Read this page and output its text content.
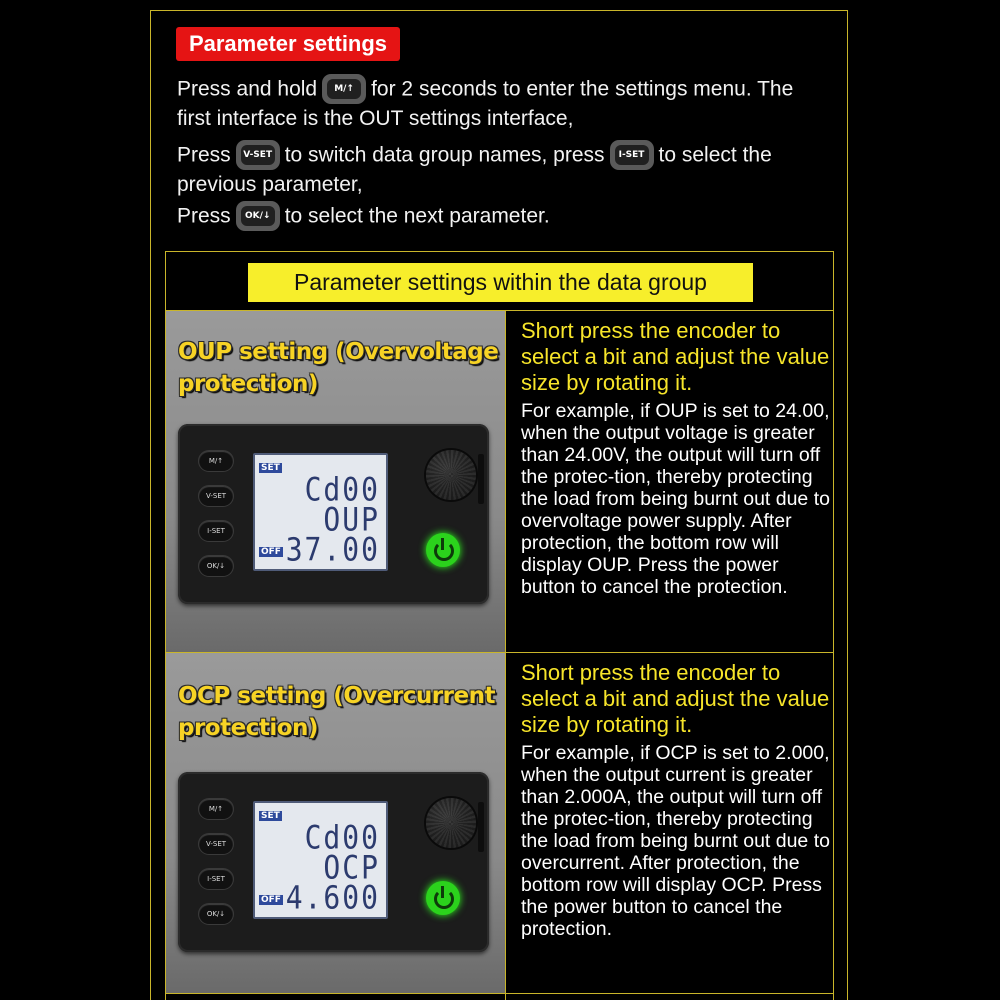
Parameter settings
Press and hold	M/↑ for 2 seconds to enter the settings menu. The
first interface is the OUT settings interface,
Press V-SET to switch data group names, press	I-SET to select the
previous parameter,
Press	OK/↓ to select the next parameter.
Parameter settings within the data group
OUP setting (Overvoltage protection)
M/↑
V-SET
I-SET
OK/↓
SET
Cd00
OUP
OFF 37.00
Short press the encoder to select a bit and adjust the value size by rotating it.
For example, if OUP is set to 24.00, when the output voltage is greater than 24.00V, the output will turn off the protec-tion, thereby protecting the load from being burnt out due to overvoltage power supply. After protection, the bottom row will display OUP. Press the power button to cancel the protection.
OCP setting (Overcurrent protection)
M/↑
V-SET
I-SET
OK/↓
SET
Cd00
OCP
OFF 4.600
Short press the encoder to select a bit and adjust the value size by rotating it.
For example, if OCP is set to 2.000, when the output current is greater than 2.000A, the output will turn off the protec-tion, thereby protecting the load from being burnt out due to overcurrent. After protection, the bottom row will display OCP. Press the power button to cancel the protection.
